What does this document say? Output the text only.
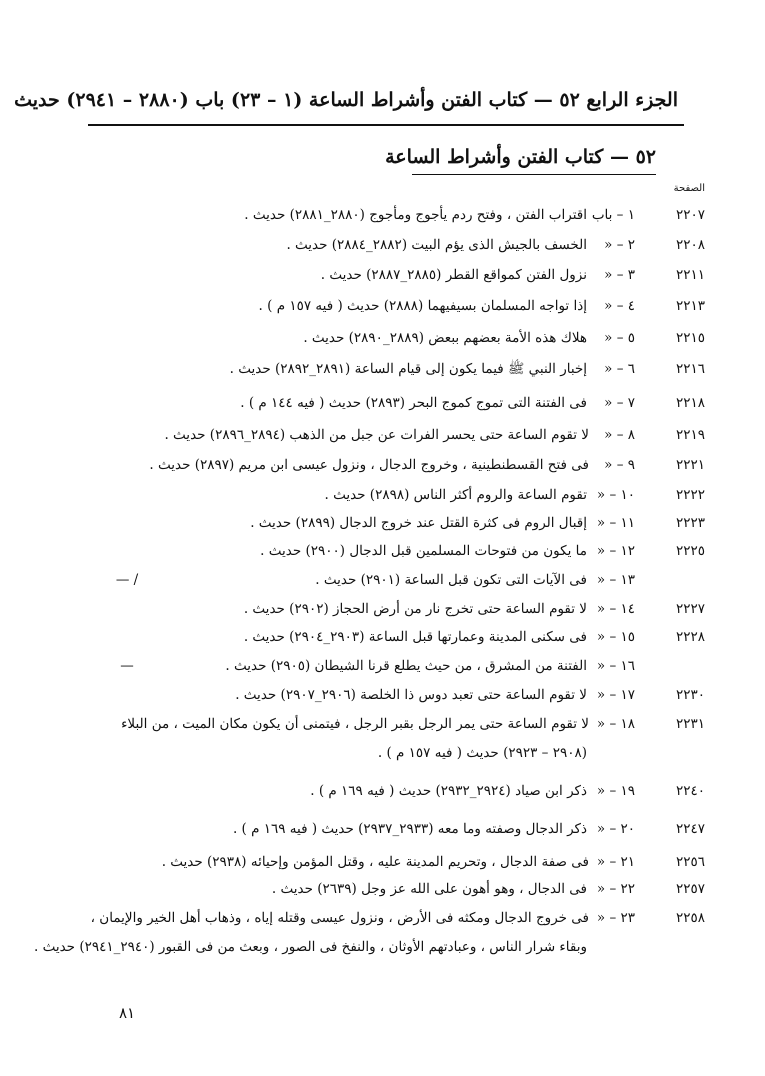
الجزء الرابع ٥٢ — كتاب الفتن وأشراط الساعة (١ – ٢٣) باب (٢٨٨٠ – ٢٩٤١) حديث
٥٢ — كتاب الفتن وأشراط الساعة
الصفحة
٢٢٠٧
١ – باب
اقتراب الفتن ، وفتح ردم يأجوج ومأجوج (٢٨٨٠_٢٨٨١) حديث .
٢٢٠٨
٢ – «
الخسف بالجيش الذى يؤم البيت (٢٨٨٢_٢٨٨٤) حديث .
٢٢١١
٣ – «
نزول الفتن كمواقع القطر (٢٨٨٥_٢٨٨٧) حديث .
٢٢١٣
٤ – «
إذا تواجه المسلمان بسيفيهما (٢٨٨٨) حديث ( فيه ١٥٧ م ) .
٢٢١٥
٥ – «
هلاك هذه الأمة بعضهم ببعض (٢٨٨٩_٢٨٩٠) حديث .
٢٢١٦
٦ – «
إخبار النبي ﷺ فيما يكون إلى قيام الساعة (٢٨٩١_٢٨٩٢) حديث .
٢٢١٨
٧ – «
فى الفتنة التى تموج كموج البحر (٢٨٩٣) حديث ( فيه ١٤٤ م ) .
٢٢١٩
٨ – «
لا تقوم الساعة حتى يحسر الفرات عن جبل من الذهب (٢٨٩٤_٢٨٩٦) حديث .
٢٢٢١
٩ – «
فى فتح القسطنطينية ، وخروج الدجال ، ونزول عيسى ابن مريم (٢٨٩٧) حديث .
٢٢٢٢
١٠ – «
تقوم الساعة والروم أكثر الناس (٢٨٩٨) حديث .
٢٢٢٣
١١ – «
إقبال الروم فى كثرة القتل عند خروج الدجال (٢٨٩٩) حديث .
٢٢٢٥
١٢ – «
ما يكون من فتوحات المسلمين قبل الدجال (٢٩٠٠) حديث .
— /	١٣ – «
فى الآيات التى تكون قبل الساعة (٢٩٠١) حديث .
٢٢٢٧
١٤ – «
لا تقوم الساعة حتى تخرج نار من أرض الحجاز (٢٩٠٢) حديث .
٢٢٢٨
١٥ – «
فى سكنى المدينة وعمارتها قبل الساعة (٢٩٠٣_٢٩٠٤) حديث .
—	١٦ – «
الفتنة من المشرق ، من حيث يطلع قرنا الشيطان (٢٩٠٥) حديث .
٢٢٣٠
١٧ – «
لا تقوم الساعة حتى تعبد دوس ذا الخلصة (٢٩٠٦_٢٩٠٧) حديث .
٢٢٣١
١٨ – «
لا تقوم الساعة حتى يمر الرجل بقبر الرجل ، فيتمنى أن يكون مكان الميت ، من البلاء
(٢٩٠٨ – ٢٩٢٣) حديث ( فيه ١٥٧ م ) .
٢٢٤٠
١٩ – «
ذكر ابن صياد (٢٩٢٤_٢٩٣٢) حديث ( فيه ١٦٩ م ) .
٢٢٤٧
٢٠ – «
ذكر الدجال وصفته وما معه (٢٩٣٣_٢٩٣٧) حديث ( فيه ١٦٩ م ) .
٢٢٥٦
٢١ – «
فى صفة الدجال ، وتحريم المدينة عليه ، وقتل المؤمن وإحيائه (٢٩٣٨) حديث .
٢٢٥٧
٢٢ – «
فى الدجال ، وهو أهون على الله عز وجل (٢٦٣٩) حديث .
٢٢٥٨
٢٣ – «
فى خروج الدجال ومكثه فى الأرض ، ونزول عيسى وقتله إياه ، وذهاب أهل الخير والإيمان ،
وبقاء شرار الناس ، وعبادتهم الأوثان ، والنفخ فى الصور ، وبعث من فى القبور (٢٩٤٠_٢٩٤١) حديث .
٨١
